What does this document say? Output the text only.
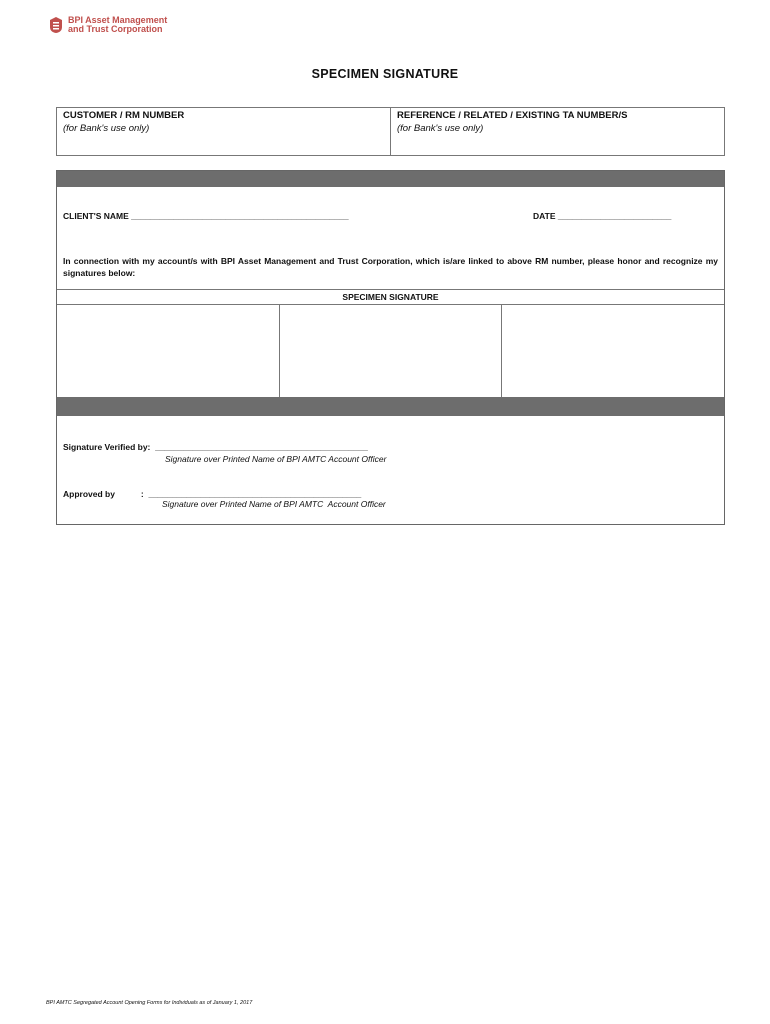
BPI Asset Management
and Trust Corporation
SPECIMEN SIGNATURE
CUSTOMER / RM NUMBER
(for Bank's use only)
REFERENCE / RELATED / EXISTING TA NUMBER/S
(for Bank's use only)
CLIENT'S NAME ______________________________________________	DATE ________________________
In connection with my account/s with BPI Asset Management and Trust Corporation, which is/are linked to above RM number, please honor and recognize my signatures below:
SPECIMEN SIGNATURE
Signature Verified by:  _____________________________________________
Signature over Printed Name of BPI AMTC Account Officer
Approved by           :  _____________________________________________
Signature over Printed Name of BPI AMTC  Account Officer
BPI AMTC Segregated Account Opening Forms for Individuals as of January 1, 2017
